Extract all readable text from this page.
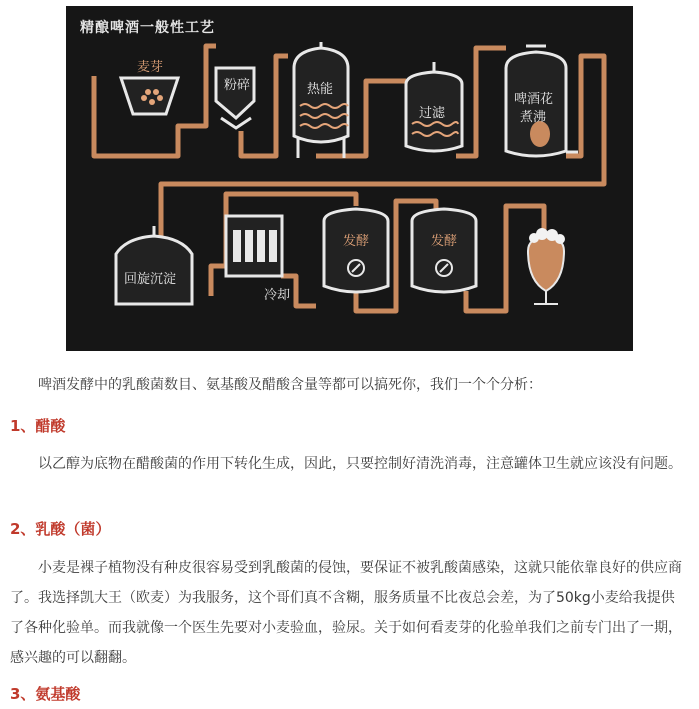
精酿啤酒一般性工艺
麦芽
粉碎	热能
过滤
啤酒花
煮沸
回旋沉淀
冷却
发酵	发酵

啤酒发酵中的乳酸菌数目、氨基酸及醋酸含量等都可以搞死你，我们一个个分析：

1、醋酸

以乙醇为底物在醋酸菌的作用下转化生成，因此，只要控制好清洗消毒，注意罐体卫生就应该没有问题。

2、乳酸（菌）

小麦是裸子植物没有种皮很容易受到乳酸菌的侵蚀，要保证不被乳酸菌感染，这就只能依靠良好的供应商了。我选择凯大王（欧麦）为我服务，这个哥们真不含糊，服务质量不比夜总会差，为了50kg小麦给我提供了各种化验单。而我就像一个医生先要对小麦验血，验尿。关于如何看麦芽的化验单我们之前专门出了一期，感兴趣的可以翻翻。

3、氨基酸
